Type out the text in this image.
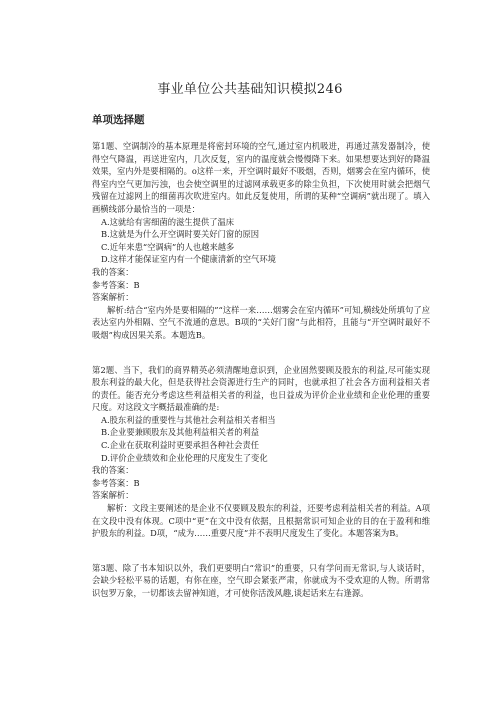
事业单位公共基础知识模拟246
单项选择题

第1题、空调制冷的基本原理是将密封环境的空气,通过室内机吸进，再通过蒸发器制冷，使得空气降温，再送进室内，几次反复，室内的温度就会慢慢降下来。如果想要达到好的降温效果，室内外是要相隔的。o这样一来，开空调时最好不吸烟，否则，烟雾会在室内循环，使得室内空气更加污浊，也会使空调里的过滤网承载更多的除尘负担，下次使用时就会把烟气残留在过滤网上的细菌再次吹进室内。如此反复使用，所谓的某种“空调病”就出现了。填入画横线部分最恰当的一项是：

A.这就给有害细菌的滋生提供了温床
B.这就是为什么开空调时要关好门窗的原因
C.近年来患“空调病”的人也越来越多
D.这样才能保证室内有一个健康清新的空气环境

我的答案：

参考答案：B

答案解析：

解析:结合“室内外是要相隔的”“这样一来……烟雾会在室内循环”可知,横线处所填句了应表达室内外相隔、空气不流通的意思。B项的“关好门窗”与此相符，且能与“开空调时最好不吸烟”构成因果关系。本题选B。

第2题、当下，我们的商界精英必须清醒地意识到，企业固然要顾及股东的利益,尽可能实现股东利益的最大化，但是获得社会资源进行生产的同时，也就承担了社会各方面利益相关者的责任。能否充分考虑这些利益相关者的利益，也日益成为评价企业业绩和企业伦理的重要尺度。对这段文字概括最准确的是:

A.股东利益的重要性与其他社会利益相关者相当
B.企业要兼顾股东及其他利益相关者的利益
C.企业在获取利益时更要承担各种社会责任
D.评价企业绩效和企业伦理的尺度发生了变化

我的答案：

参考答案：B

答案解析：

解析：文段主要阐述的是企业不仅要顾及股东的利益，还要考虑利益相关者的利益。A项在文段中没有体现。C项中“更”在文中没有依据，且根据常识可知企业的目的在于盈利和维护股东的利益。D项，“成为……重要尺度”并不表明尺度发生了变化。本题答案为B。

第3题、除了书本知识以外，我们更要明白“常识”的重要，只有学问而无常识,与人谈话时，会缺少轻松平易的话题，有你在座，空气即会紧张严肃，你就成为不受欢迎的人物。所谓常识包罗万象，一切都该去留神知道，才可使你活泼风趣,谈起话来左右逢源。
